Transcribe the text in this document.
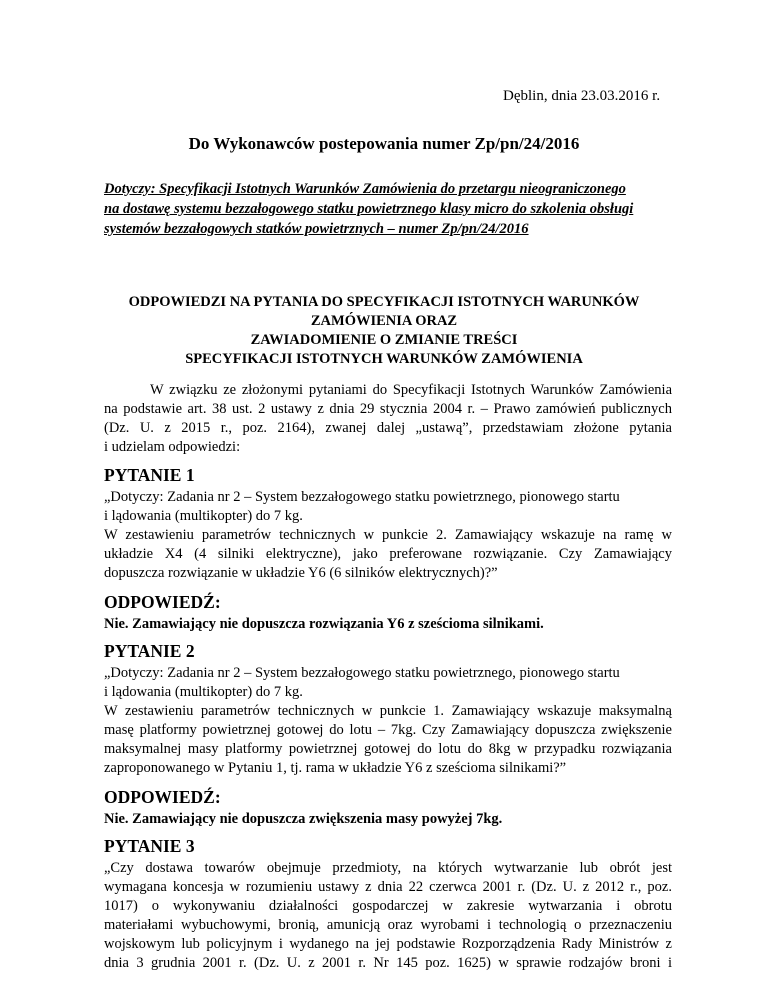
Dęblin, dnia 23.03.2016 r.
Do Wykonawców postepowania numer Zp/pn/24/2016
Dotyczy: Specyfikacji Istotnych Warunków Zamówienia do przetargu nieograniczonego
na dostawę systemu bezzałogowego statku powietrznego klasy micro do szkolenia obsługi
systemów bezzałogowych statków powietrznych – numer Zp/pn/24/2016
ODPOWIEDZI NA PYTANIA DO SPECYFIKACJI ISTOTNYCH WARUNKÓW
ZAMÓWIENIA ORAZ
ZAWIADOMIENIE O ZMIANIE TREŚCI
SPECYFIKACJI ISTOTNYCH WARUNKÓW ZAMÓWIENIA
W związku ze złożonymi pytaniami do Specyfikacji Istotnych Warunków Zamówienia
na podstawie art. 38 ust. 2 ustawy z dnia 29 stycznia 2004 r. – Prawo zamówień publicznych
(Dz. U. z 2015 r., poz. 2164), zwanej dalej „ustawą”, przedstawiam złożone pytania
i udzielam odpowiedzi:
PYTANIE 1
„Dotyczy: Zadania nr 2 – System bezzałogowego statku powietrznego, pionowego startu
i lądowania (multikopter) do 7 kg.
W zestawieniu parametrów technicznych w punkcie 2. Zamawiający wskazuje na ramę w
układzie X4 (4 silniki elektryczne), jako preferowane rozwiązanie. Czy Zamawiający
dopuszcza rozwiązanie w układzie Y6 (6 silników elektrycznych)?”
ODPOWIEDŹ:
Nie. Zamawiający nie dopuszcza rozwiązania Y6 z sześcioma silnikami.
PYTANIE 2
„Dotyczy: Zadania nr 2 – System bezzałogowego statku powietrznego, pionowego startu
i lądowania (multikopter) do 7 kg.
W zestawieniu parametrów technicznych w punkcie 1. Zamawiający wskazuje maksymalną
masę platformy powietrznej gotowej do lotu – 7kg. Czy Zamawiający dopuszcza zwiększenie
maksymalnej masy platformy powietrznej gotowej do lotu do 8kg w przypadku rozwiązania
zaproponowanego w Pytaniu 1, tj. rama w układzie Y6 z sześcioma silnikami?”
ODPOWIEDŹ:
Nie. Zamawiający nie dopuszcza zwiększenia masy powyżej 7kg.
PYTANIE 3
„Czy dostawa towarów obejmuje przedmioty, na których wytwarzanie lub obrót jest
wymagana koncesja w rozumieniu ustawy z dnia 22 czerwca 2001 r. (Dz. U. z 2012 r., poz.
1017) o wykonywaniu działalności gospodarczej w zakresie wytwarzania i obrotu
materiałami wybuchowymi, bronią, amunicją oraz wyrobami i technologią o przeznaczeniu
wojskowym lub policyjnym i wydanego na jej podstawie Rozporządzenia Rady Ministrów z
dnia 3 grudnia 2001 r. (Dz. U. z 2001 r. Nr 145 poz. 1625) w sprawie rodzajów broni i
